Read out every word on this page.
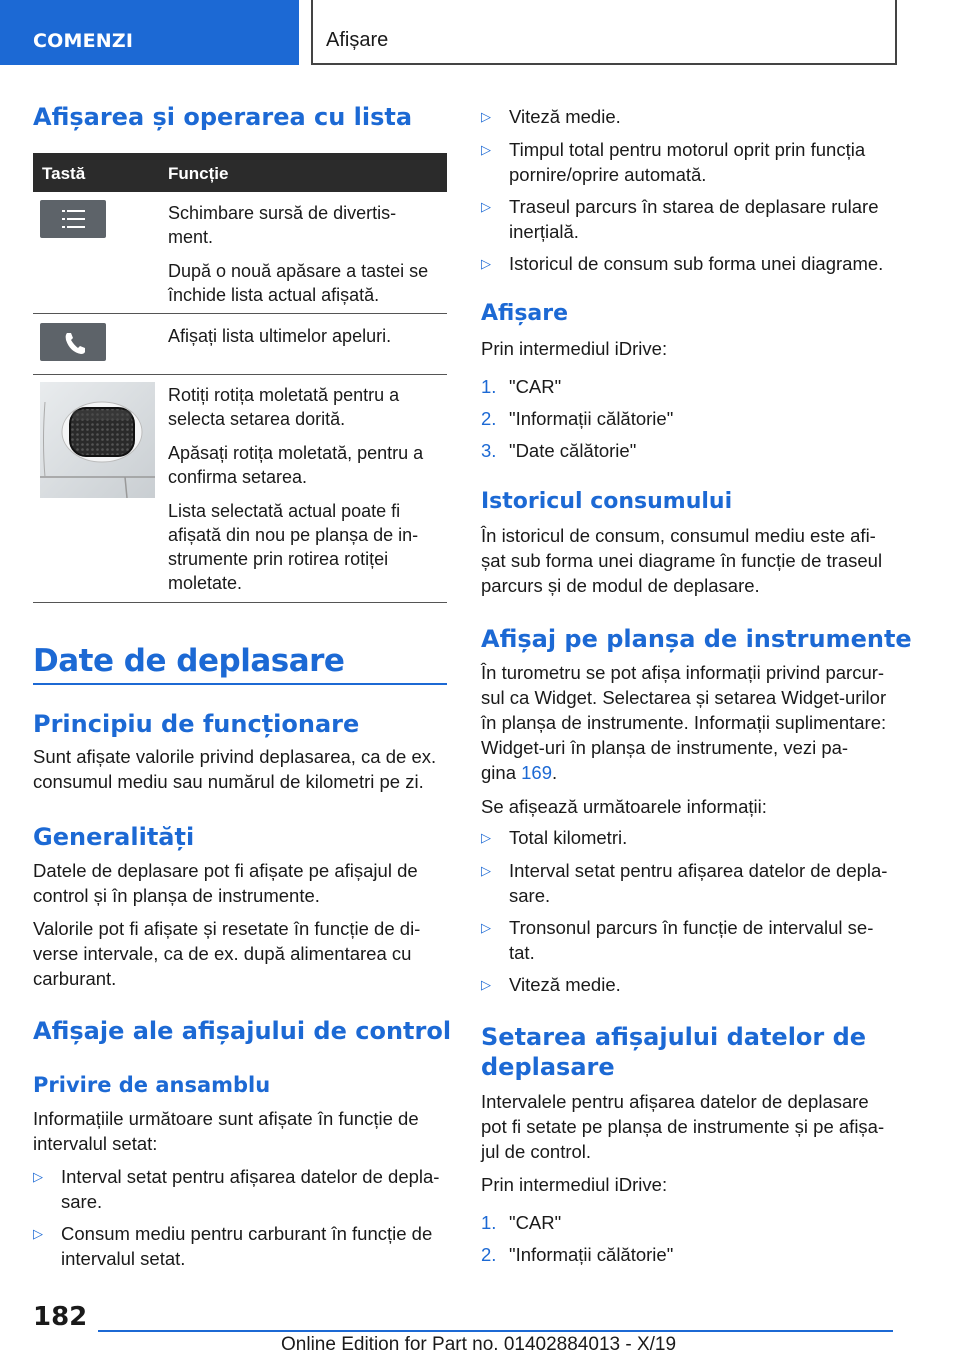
COMENZI	Afișare
Afișarea și operarea cu lista
Tastă	Funcție

Schimbare sursă de divertis-
ment.

După o nouă apăsare a tastei se
închide lista actual afișată.

Afișați lista ultimelor apeluri.

Rotiți rotița moletată pentru a
selecta setarea dorită.

Apăsați rotița moletată, pentru a
confirma setarea.

Lista selectată actual poate fi
afișată din nou pe planșa de in-
strumente prin rotirea rotiței
moletate.

Date de deplasare
Principiu de funcționare

Sunt afișate valorile privind deplasarea, ca de ex.
consumul mediu sau numărul de kilometri pe zi.

Generalități

Datele de deplasare pot fi afișate pe afișajul de
control și în planșa de instrumente.

Valorile pot fi afișate și resetate în funcție de di-
verse intervale, ca de ex. după alimentarea cu
carburant.

Afișaje ale afișajului de control
Privire de ansamblu

Informațiile următoare sunt afișate în funcție de
intervalul setat:

▷ Interval setat pentru afișarea datelor de depla-
sare.
▷ Consum mediu pentru carburant în funcție de
intervalul setat.
▷ Viteză medie.
▷ Timpul total pentru motorul oprit prin funcția
pornire/oprire automată.
▷ Traseul parcurs în starea de deplasare rulare
inerțială.
▷ Istoricul de consum sub forma unei diagrame.
Afișare

Prin intermediul iDrive:

1. "CAR"
2. "Informații călătorie"
3. "Date călătorie"
Istoricul consumului

În istoricul de consum, consumul mediu este afi-
șat sub forma unei diagrame în funcție de traseul
parcurs și de modul de deplasare.

Afișaj pe planșa de instrumente

În turometru se pot afișa informații privind parcur-
sul ca Widget. Selectarea și setarea Widget-urilor
în planșa de instrumente. Informații suplimentare:
Widget-uri în planșa de instrumente, vezi pa-
gina 169.

Se afișează următoarele informații:

▷ Total kilometri.
▷ Interval setat pentru afișarea datelor de depla-
sare.
▷ Tronsonul parcurs în funcție de intervalul se-
tat.
▷ Viteză medie.
Setarea afișajului datelor de
deplasare

Intervalele pentru afișarea datelor de deplasare
pot fi setate pe planșa de instrumente și pe afișa-
jul de control.

Prin intermediul iDrive:

1. "CAR"
2. "Informații călătorie"
182
Online Edition for Part no. 01402884013 - X/19
